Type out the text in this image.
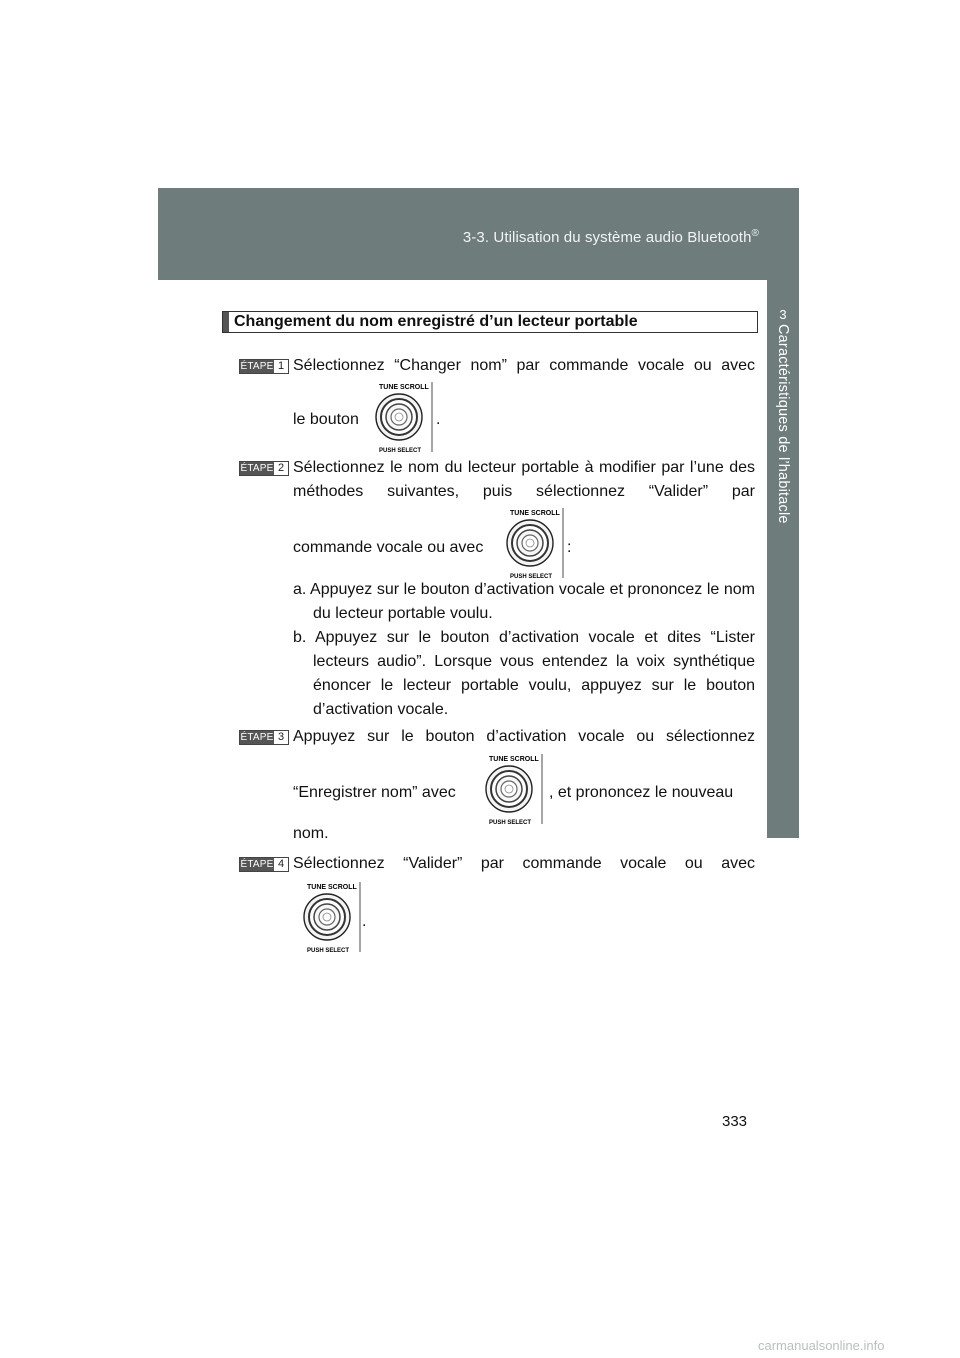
3-3. Utilisation du système audio Bluetooth®
3
Caractéristiques de l’habitacle
Changement du nom enregistré d’un lecteur portable
ÉTAPE 1 Sélectionnez “Changer nom” par commande vocale ou avec
le bouton
TUNE SCROLL
PUSH SELECT
.
ÉTAPE 2 Sélectionnez le nom du lecteur portable à modifier par l’une des méthodes suivantes, puis sélectionnez “Valider” par
commande vocale ou avec
TUNE SCROLL
PUSH SELECT
:
a. Appuyez sur le bouton d’activation vocale et prononcez le nom du lecteur portable voulu.
b. Appuyez sur le bouton d’activation vocale et dites “Lister lecteurs audio”. Lorsque vous entendez la voix synthétique énoncer le lecteur portable voulu, appuyez sur le bouton d’activation vocale.
ÉTAPE 3 Appuyez sur le bouton d’activation vocale ou sélectionnez
“Enregistrer nom” avec
TUNE SCROLL
PUSH SELECT
, et prononcez le nouveau
nom.
ÉTAPE 4 Sélectionnez “Valider” par commande vocale ou avec
TUNE SCROLL
PUSH SELECT
.
333
carmanualsonline.info
